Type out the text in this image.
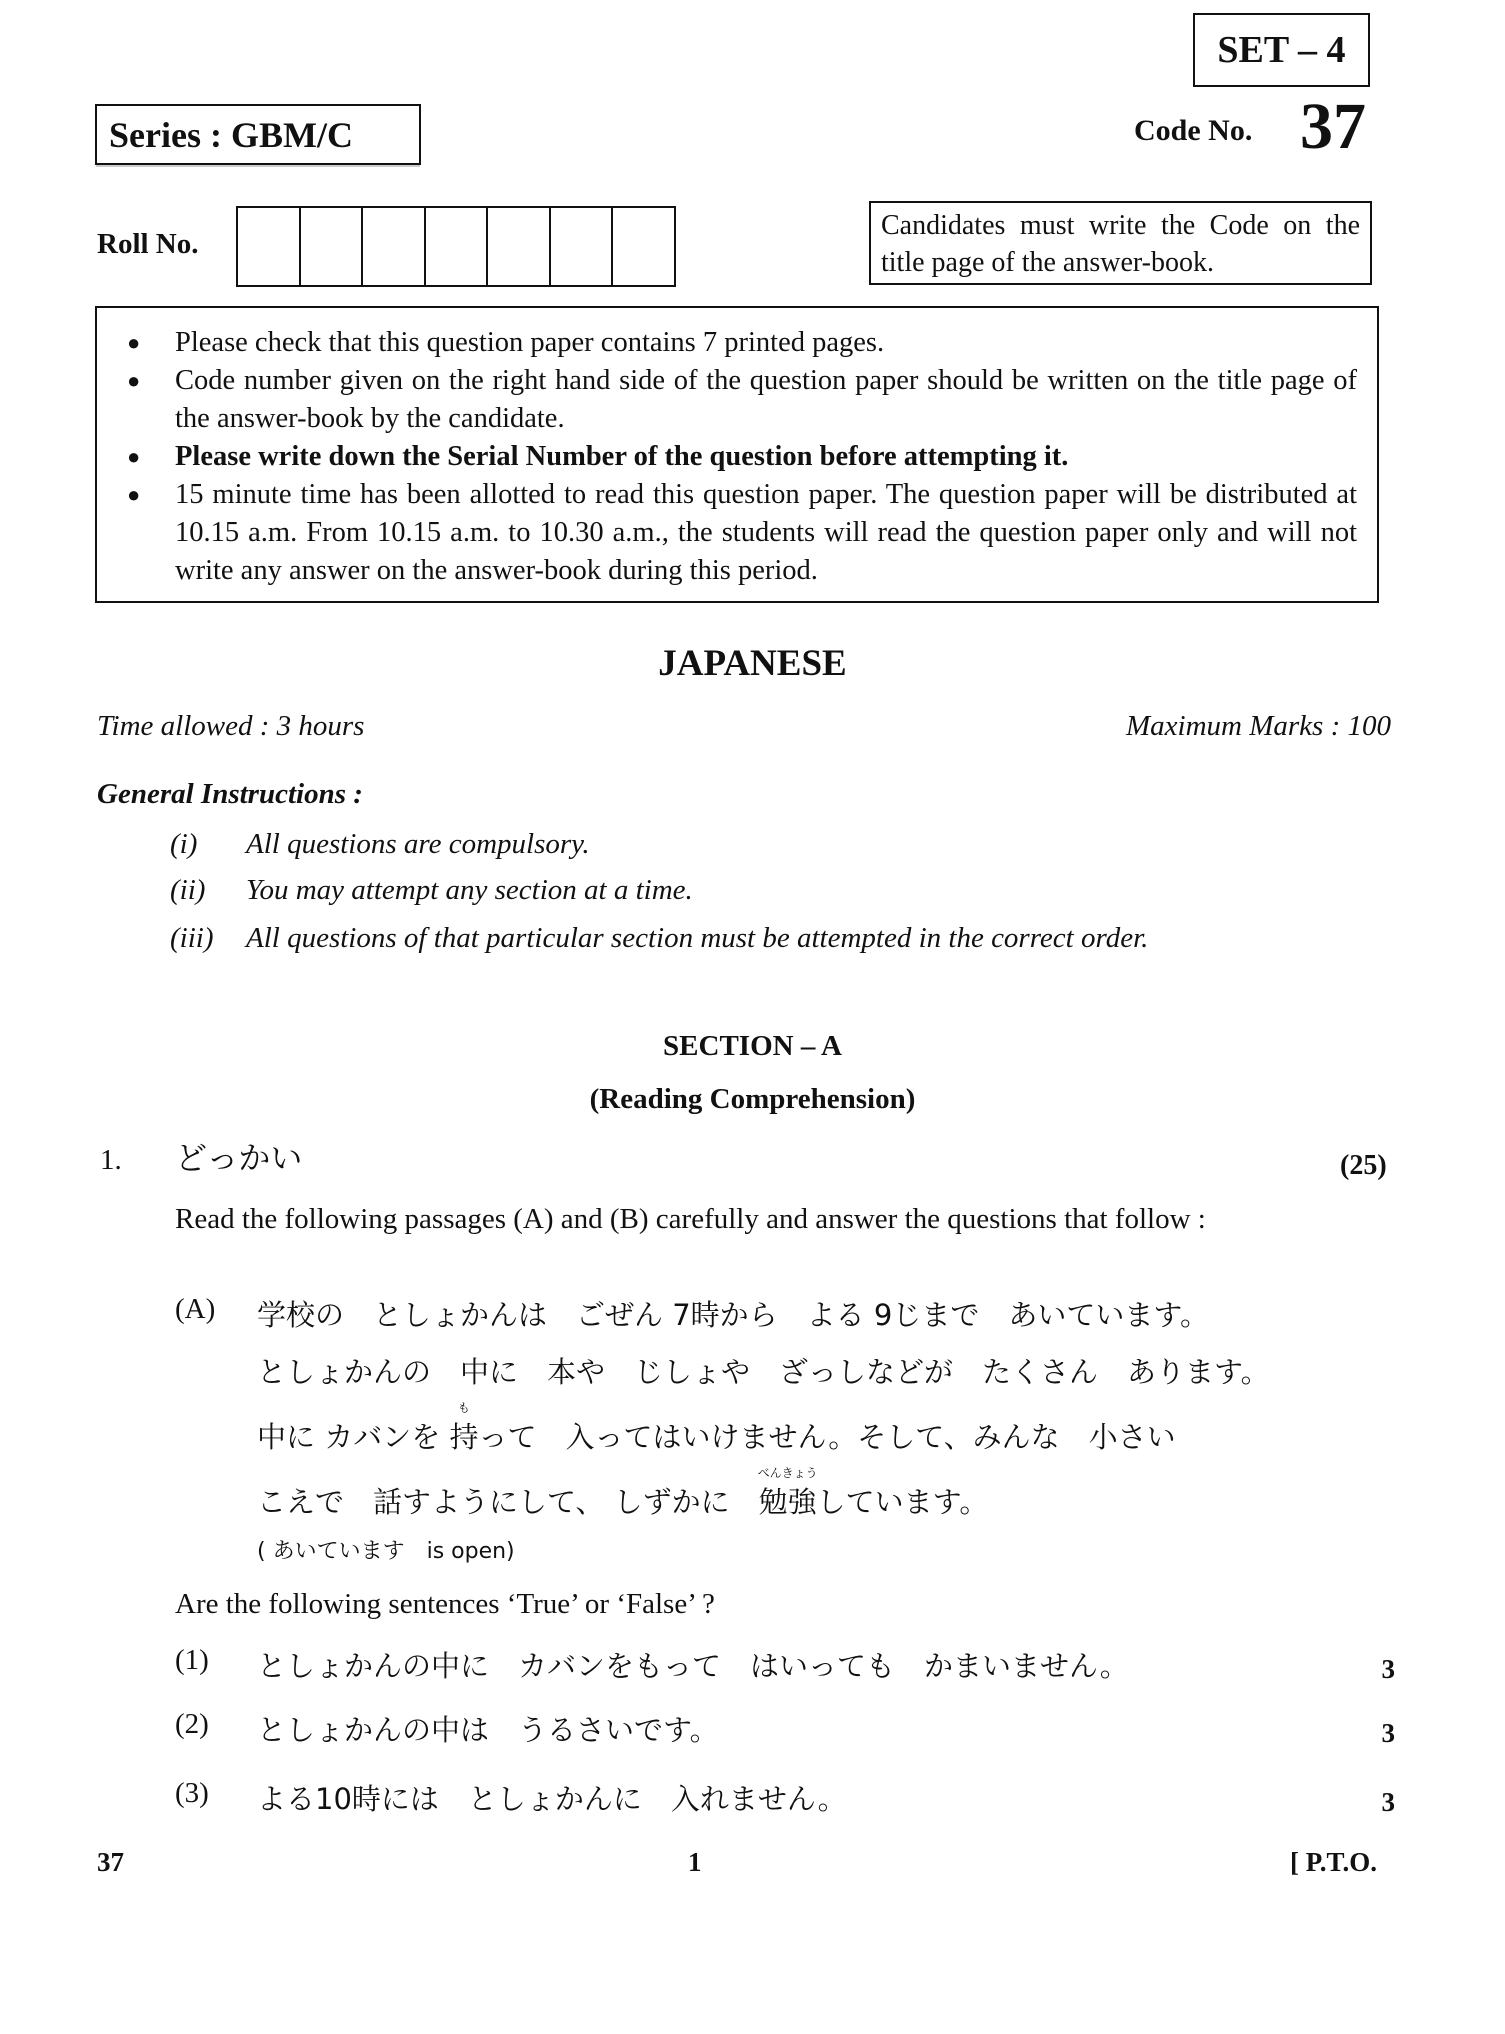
SET – 4
Series : GBM/C	Code No. 37
Roll No.
Candidates must write the Code on the title page of the answer-book.
●	Please check that this question paper contains 7 printed pages.
●	Code number given on the right hand side of the question paper should be written on the title page of the answer-book by the candidate.
●	Please write down the Serial Number of the question before attempting it.
●	15 minute time has been allotted to read this question paper. The question paper will be distributed at 10.15 a.m. From 10.15 a.m. to 10.30 a.m., the students will read the question paper only and will not write any answer on the answer-book during this period.
JAPANESE
Time allowed : 3 hours	Maximum Marks : 100
General Instructions :
(i)	All questions are compulsory.
(ii)	You may attempt any section at a time.
(iii)	All questions of that particular section must be attempted in the correct order.
SECTION – A
(Reading Comprehension)
1. どっかい	(25)
Read the following passages (A) and (B) carefully and answer the questions that follow :
(A) 学校の　としょかんは　ごぜん 7時から　よる 9じまで　あいています。
としょかんの　中に　本や　じしょや　ざっしなどが　たくさん　あります。
中に カバンを
も
持って　入ってはいけません。そして、みんな　小さい
こえで　話すようにして、 しずかに　
べんきょう
勉強しています。
( あいています　is open)
Are the following sentences ‘True’ or ‘False’ ?
(1)	としょかんの中に　カバンをもって　はいっても　かまいません。	3
(2)	としょかんの中は　うるさいです。	3
(3)	よる10時には　としょかんに　入れません。	3
37	1	[ P.T.O.
